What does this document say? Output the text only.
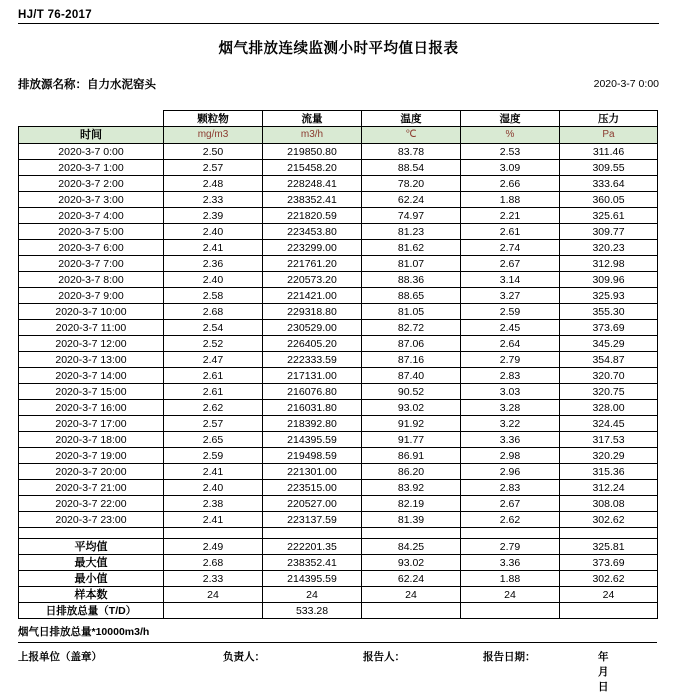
HJ/T 76-2017
烟气排放连续监测小时平均值日报表
排放源名称：自力水泥窑头	2020-3-7 0:00
	颗粒物	流量	温度	湿度	压力
时间	mg/m3	m3/h	℃	%	Pa
2020-3-7 0:00	2.50	219850.80	83.78	2.53	311.46
2020-3-7 1:00	2.57	215458.20	88.54	3.09	309.55
2020-3-7 2:00	2.48	228248.41	78.20	2.66	333.64
2020-3-7 3:00	2.33	238352.41	62.24	1.88	360.05
2020-3-7 4:00	2.39	221820.59	74.97	2.21	325.61
2020-3-7 5:00	2.40	223453.80	81.23	2.61	309.77
2020-3-7 6:00	2.41	223299.00	81.62	2.74	320.23
2020-3-7 7:00	2.36	221761.20	81.07	2.67	312.98
2020-3-7 8:00	2.40	220573.20	88.36	3.14	309.96
2020-3-7 9:00	2.58	221421.00	88.65	3.27	325.93
2020-3-7 10:00	2.68	229318.80	81.05	2.59	355.30
2020-3-7 11:00	2.54	230529.00	82.72	2.45	373.69
2020-3-7 12:00	2.52	226405.20	87.06	2.64	345.29
2020-3-7 13:00	2.47	222333.59	87.16	2.79	354.87
2020-3-7 14:00	2.61	217131.00	87.40	2.83	320.70
2020-3-7 15:00	2.61	216076.80	90.52	3.03	320.75
2020-3-7 16:00	2.62	216031.80	93.02	3.28	328.00
2020-3-7 17:00	2.57	218392.80	91.92	3.22	324.45
2020-3-7 18:00	2.65	214395.59	91.77	3.36	317.53
2020-3-7 19:00	2.59	219498.59	86.91	2.98	320.29
2020-3-7 20:00	2.41	221301.00	86.20	2.96	315.36
2020-3-7 21:00	2.40	223515.00	83.92	2.83	312.24
2020-3-7 22:00	2.38	220527.00	82.19	2.67	308.08
2020-3-7 23:00	2.41	223137.59	81.39	2.62	302.62

平均值	2.49	222201.35	84.25	2.79	325.81
最大值	2.68	238352.41	93.02	3.36	373.69
最小值	2.33	214395.59	62.24	1.88	302.62
样本数	24	24	24	24	24
日排放总量（T/D）		533.28			
烟气日排放总量*10000m3/h
上报单位（盖章）	负责人：	报告人：	报告日期：	年 月 日
